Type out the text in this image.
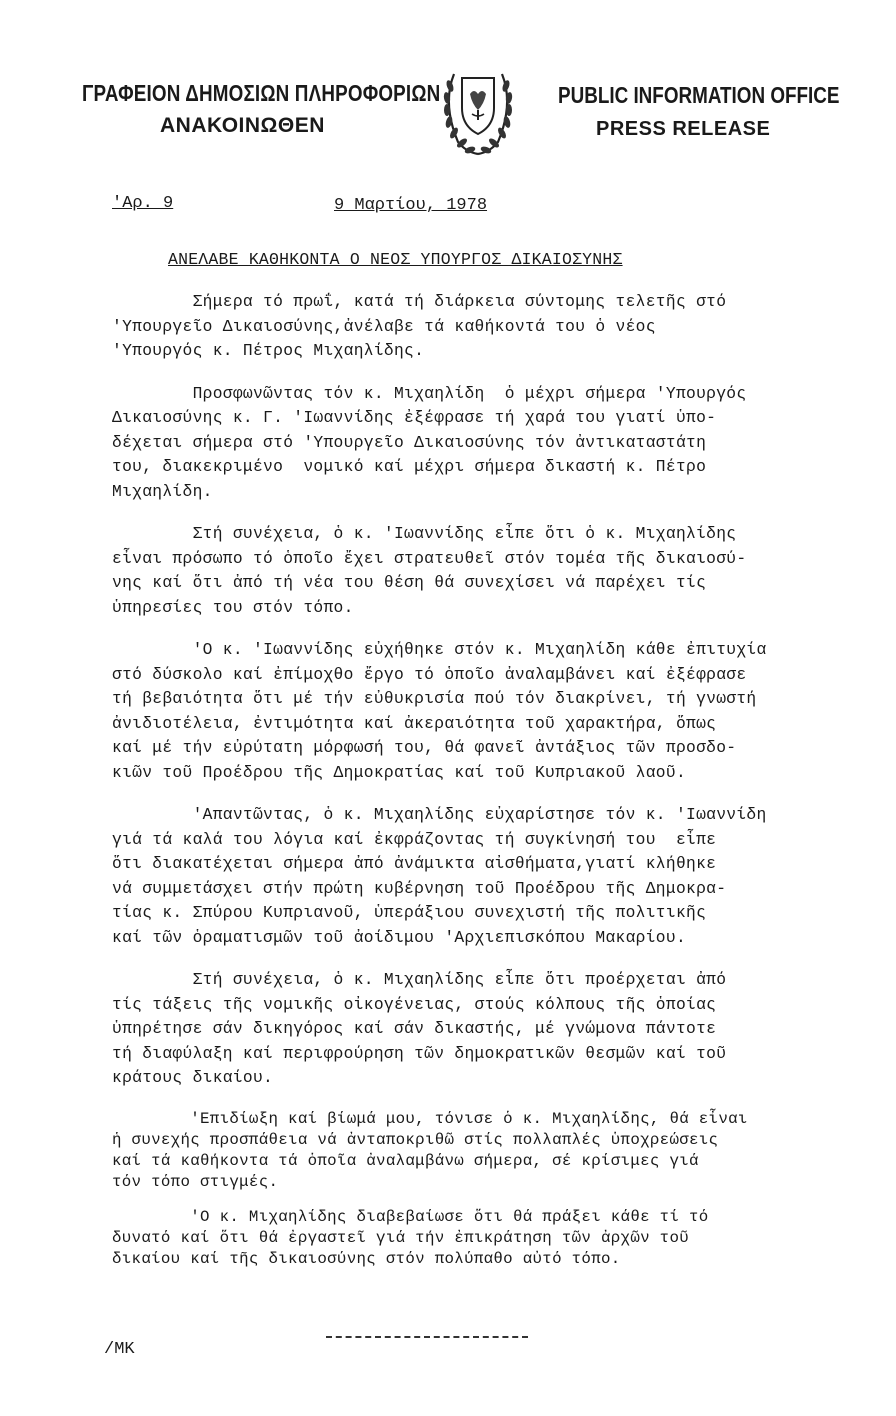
ΓΡΑΦΕΙΟΝ ΔΗΜΟΣΙΩΝ ΠΛΗΡΟΦΟΡΙΩΝ
ΑΝΑΚΟΙΝΩΘΕΝ
PUBLIC INFORMATION OFFICE
PRESS RELEASE
'Αρ. 9	9 Μαρτίου, 1978
ΑΝΕΛΑΒΕ ΚΑΘΗΚΟΝΤΑ Ο ΝΕΟΣ ΥΠΟΥΡΓΟΣ ΔΙΚΑΙΟΣΥΝΗΣ
Σήμερα τό πρωΐ, κατά τή διάρκεια σύντομης τελετῆς στό
'Υπουργεῖο Δικαιοσύνης,ἀνέλαβε τά καθήκοντά του ὁ νέος
'Υπουργός κ. Πέτρος Μιχαηλίδης.
Προσφωνῶντας τόν κ. Μιχαηλίδη  ὁ μέχρι σήμερα 'Υπουργός
Δικαιοσύνης κ. Γ. 'Ιωαννίδης ἐξέφρασε τή χαρά του γιατί ὑπο-
δέχεται σήμερα στό 'Υπουργεῖο Δικαιοσύνης τόν ἀντικαταστάτη
του, διακεκριμένο  νομικό καί μέχρι σήμερα δικαστή κ. Πέτρο
Μιχαηλίδη.
Στή συνέχεια, ὁ κ. 'Ιωαννίδης εἶπε ὅτι ὁ κ. Μιχαηλίδης
εἶναι πρόσωπο τό ὁποῖο ἔχει στρατευθεῖ στόν τομέα τῆς δικαιοσύ-
νης καί ὅτι ἀπό τή νέα του θέση θά συνεχίσει νά παρέχει τίς
ὑπηρεσίες του στόν τόπο.
'Ο κ. 'Ιωαννίδης εὐχήθηκε στόν κ. Μιχαηλίδη κάθε ἐπιτυχία
στό δύσκολο καί ἐπίμοχθο ἔργο τό ὁποῖο ἀναλαμβάνει καί ἐξέφρασε
τή βεβαιότητα ὅτι μέ τήν εὐθυκρισία πού τόν διακρίνει, τή γνωστή
ἀνιδιοτέλεια, ἐντιμότητα καί ἀκεραιότητα τοῦ χαρακτήρα, ὅπως
καί μέ τήν εὐρύτατη μόρφωσή του, θά φανεῖ ἀντάξιος τῶν προσδο-
κιῶν τοῦ Προέδρου τῆς Δημοκρατίας καί τοῦ Κυπριακοῦ λαοῦ.
'Απαντῶντας, ὁ κ. Μιχαηλίδης εὐχαρίστησε τόν κ. 'Ιωαννίδη
γιά τά καλά του λόγια καί ἐκφράζοντας τή συγκίνησή του  εἶπε
ὅτι διακατέχεται σήμερα ἀπό ἀνάμικτα αἰσθήματα,γιατί κλήθηκε
νά συμμετάσχει στήν πρώτη κυβέρνηση τοῦ Προέδρου τῆς Δημοκρα-
τίας κ. Σπύρου Κυπριανοῦ, ὑπεράξιου συνεχιστή τῆς πολιτικῆς
καί τῶν ὁραματισμῶν τοῦ ἀοίδιμου 'Αρχιεπισκόπου Μακαρίου.
Στή συνέχεια, ὁ κ. Μιχαηλίδης εἶπε ὅτι προέρχεται ἀπό
τίς τάξεις τῆς νομικῆς οἰκογένειας, στούς κόλπους τῆς ὁποίας
ὑπηρέτησε σάν δικηγόρος καί σάν δικαστής, μέ γνώμονα πάντοτε
τή διαφύλαξη καί περιφρούρηση τῶν δημοκρατικῶν θεσμῶν καί τοῦ
κράτους δικαίου.
'Επιδίωξη καί βίωμά μου, τόνισε ὁ κ. Μιχαηλίδης, θά εἶναι
ἡ συνεχής προσπάθεια νά ἀνταποκριθῶ στίς πολλαπλές ὑποχρεώσεις
καί τά καθήκοντα τά ὁποῖα ἀναλαμβάνω σήμερα, σέ κρίσιμες γιά
τόν τόπο στιγμές.
'Ο κ. Μιχαηλίδης διαβεβαίωσε ὅτι θά πράξει κάθε τί τό
δυνατό καί ὅτι θά ἐργαστεῖ γιά τήν ἐπικράτηση τῶν ἀρχῶν τοῦ
δικαίου καί τῆς δικαιοσύνης στόν πολύπαθο αὐτό τόπο.
/MK
